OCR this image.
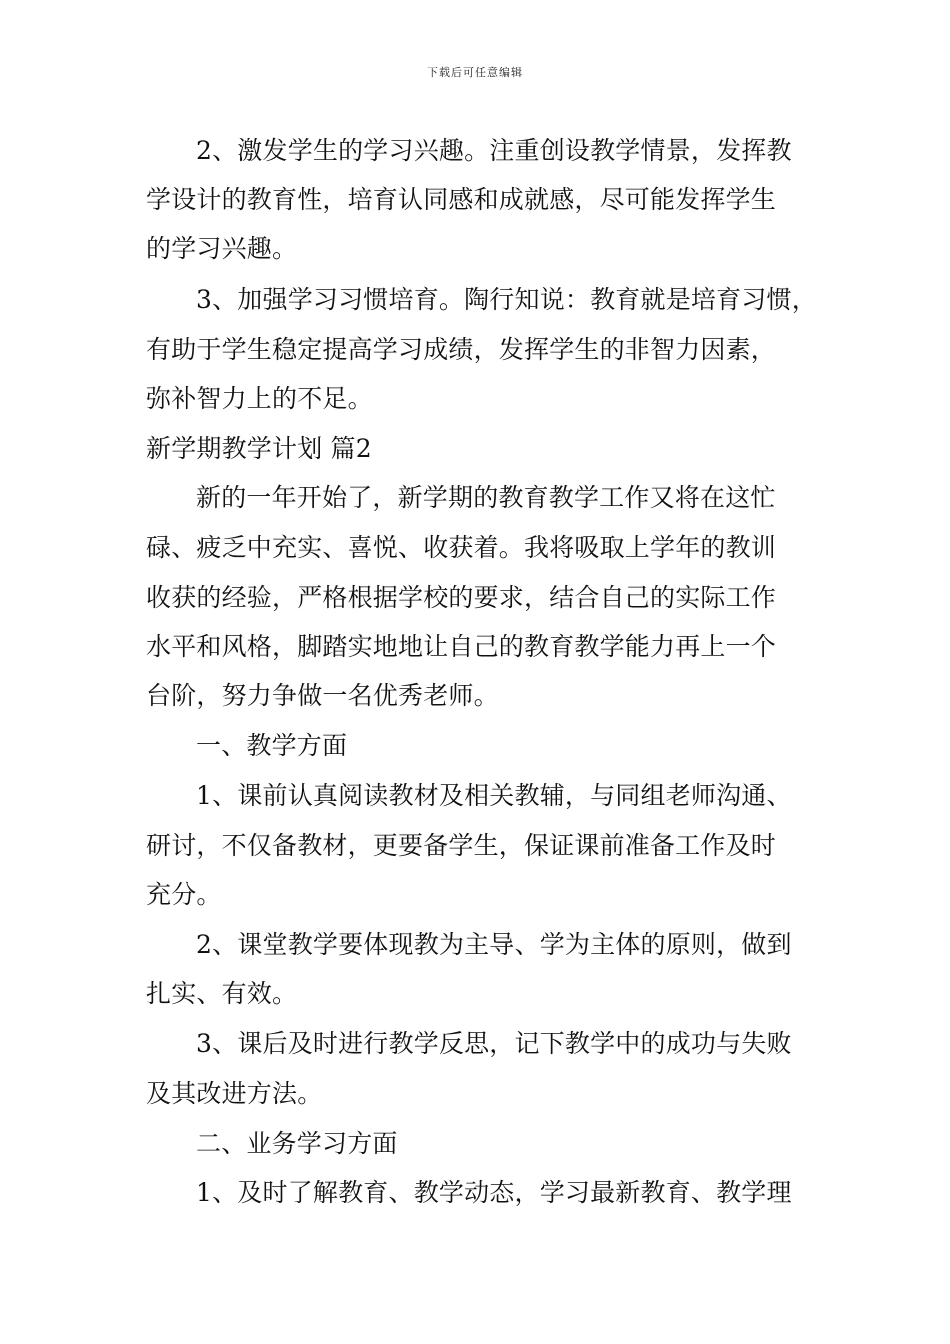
下载后可任意编辑
2、激发学生的学习兴趣。注重创设教学情景，发挥教
学设计的教育性，培育认同感和成就感，尽可能发挥学生
的学习兴趣。
3、加强学习习惯培育。陶行知说：教育就是培育习惯，
有助于学生稳定提高学习成绩，发挥学生的非智力因素，
弥补智力上的不足。
新学期教学计划 篇2
新的一年开始了，新学期的教育教学工作又将在这忙
碌、疲乏中充实、喜悦、收获着。我将吸取上学年的教训
收获的经验，严格根据学校的要求，结合自己的实际工作
水平和风格，脚踏实地地让自己的教育教学能力再上一个
台阶，努力争做一名优秀老师。
一、教学方面
1、课前认真阅读教材及相关教辅，与同组老师沟通、
研讨，不仅备教材，更要备学生，保证课前准备工作及时
充分。
2、课堂教学要体现教为主导、学为主体的原则，做到
扎实、有效。
3、课后及时进行教学反思，记下教学中的成功与失败
及其改进方法。
二、业务学习方面
1、及时了解教育、教学动态，学习最新教育、教学理
